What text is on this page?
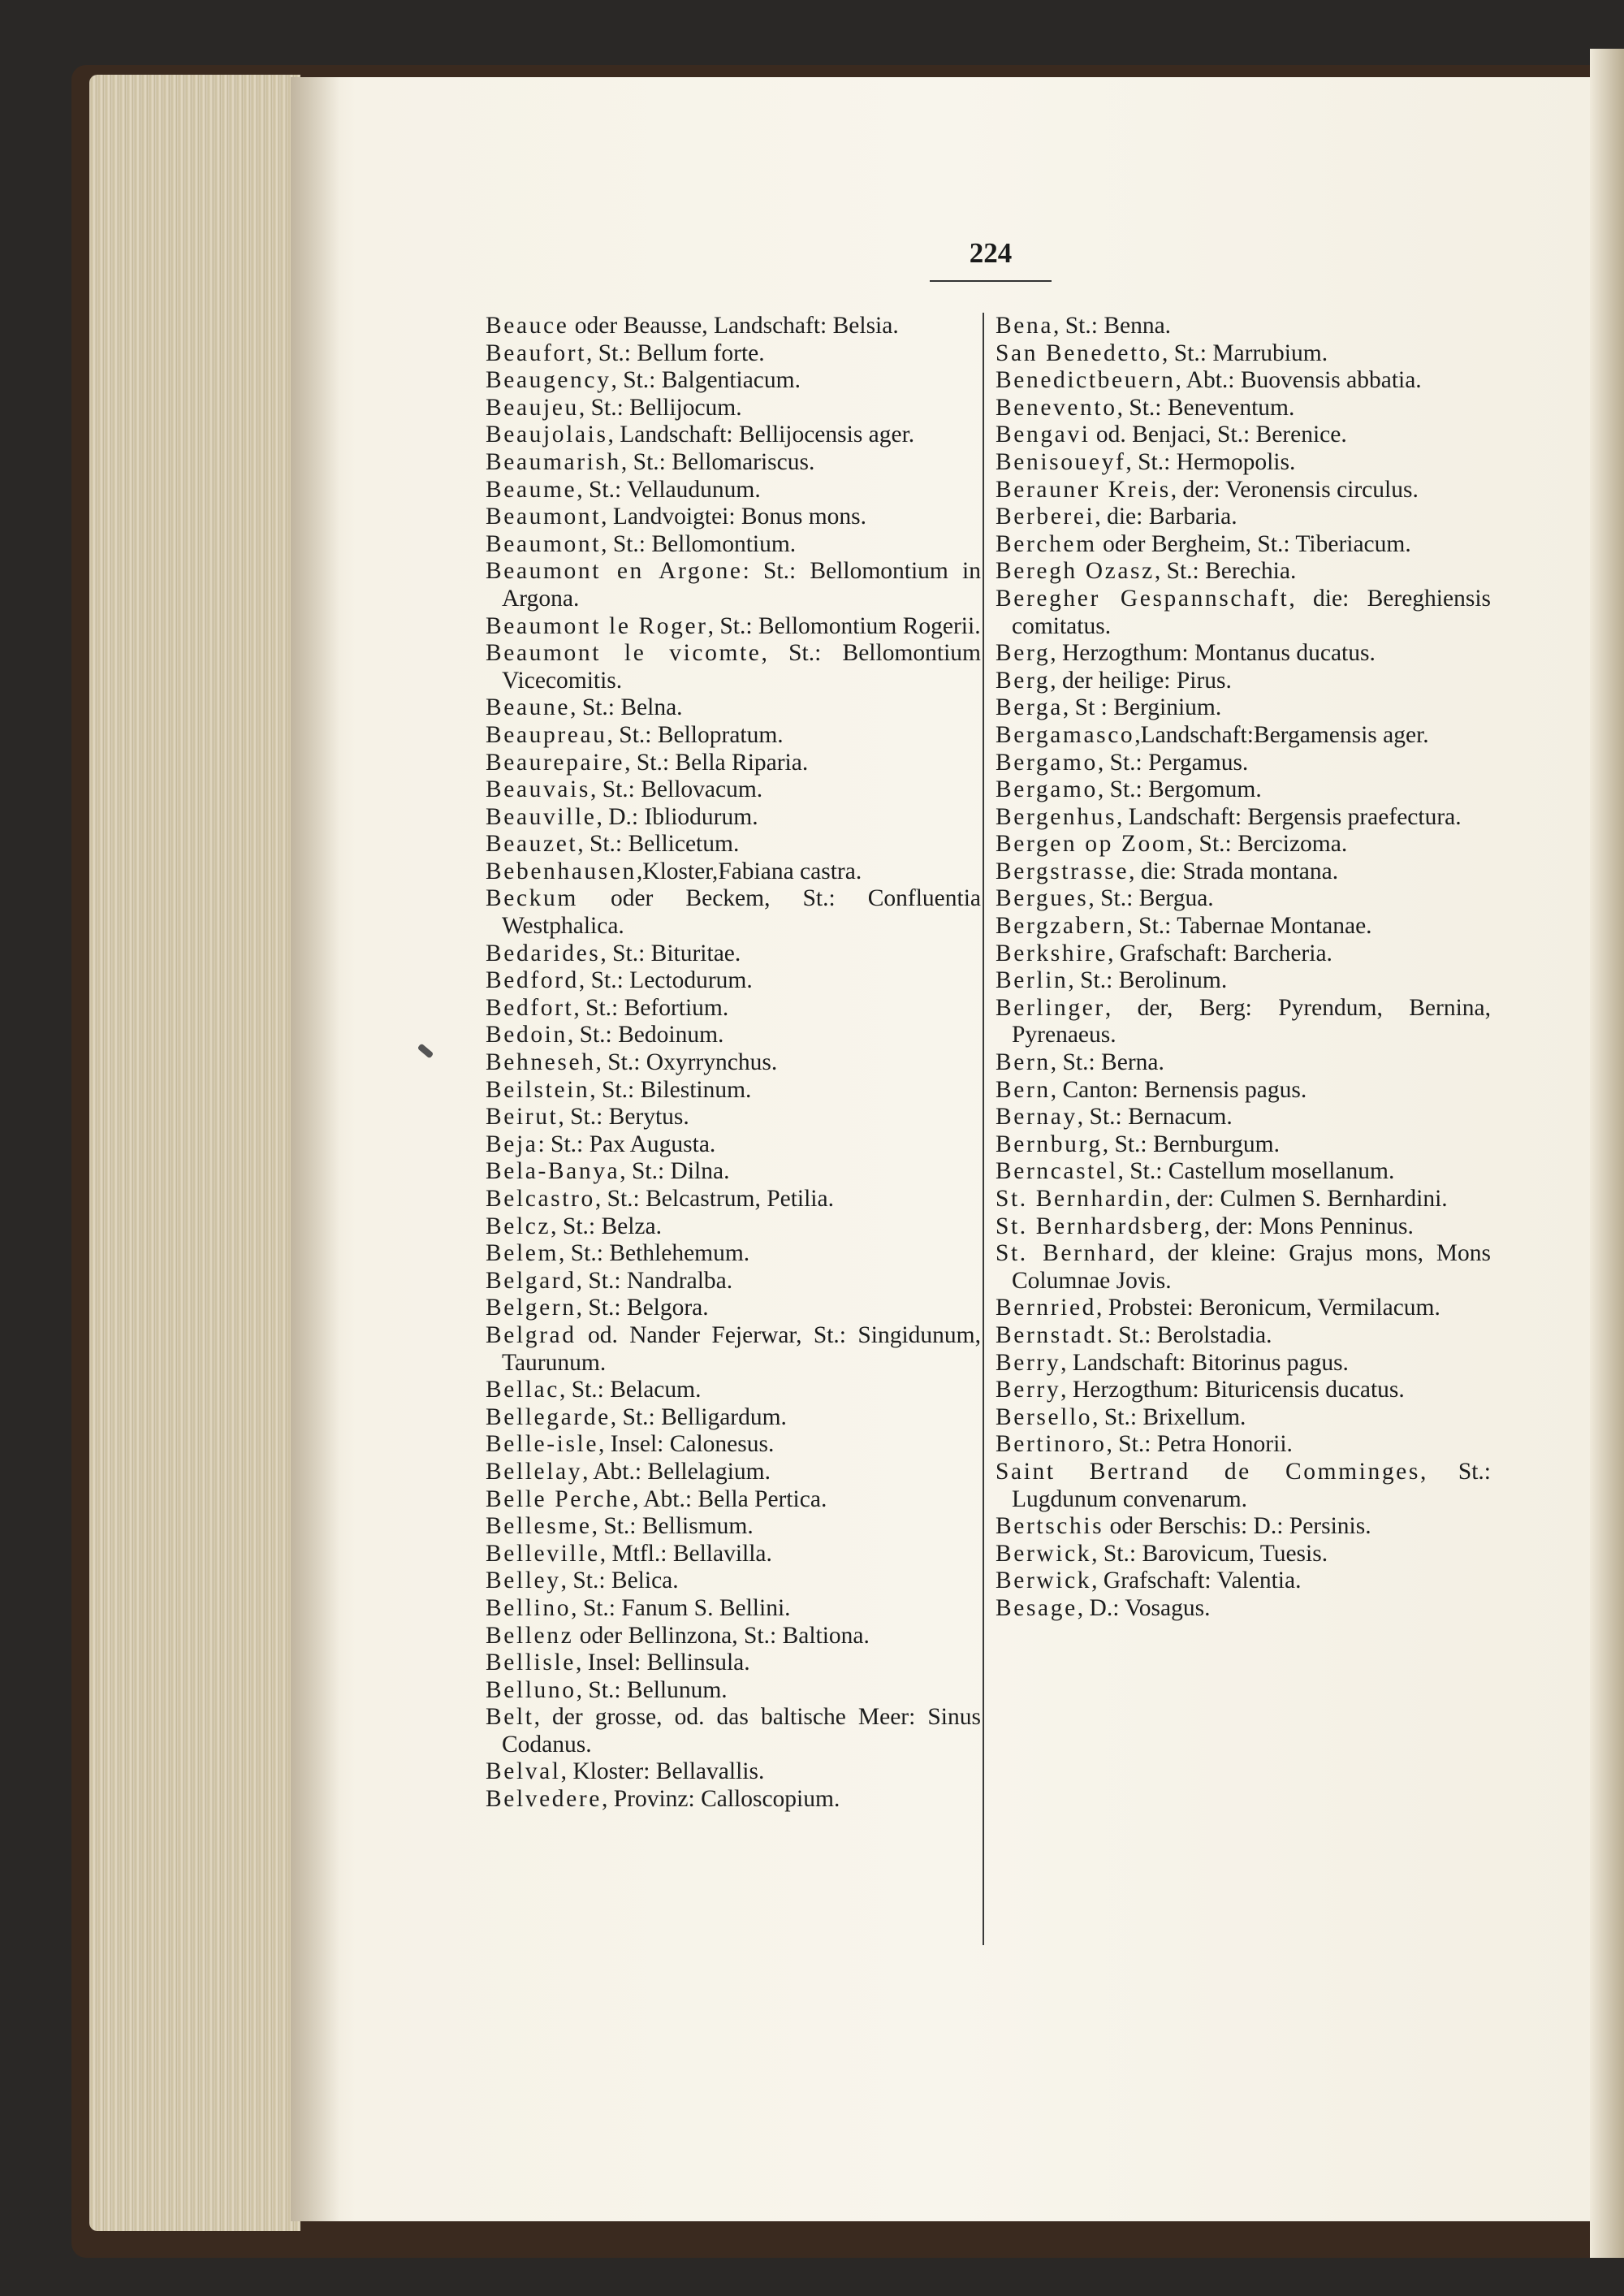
224

Beauce oder Beausse, Landschaft: Belsia.

Beaufort, St.: Bellum forte.

Beaugency, St.: Balgentiacum.

Beaujeu, St.: Bellijocum.

Beaujolais, Landschaft: Bellijocensis ager.

Beaumarish, St.: Bellomariscus.

Beaume, St.: Vellaudunum.

Beaumont, Landvoigtei: Bonus mons.

Beaumont, St.: Bellomontium.

Beaumont en Argone: St.: Bellomontium in Argona.

Beaumont le Roger, St.: Bellomontium Rogerii.

Beaumont le vicomte, St.: Bellomontium Vicecomitis.

Beaune, St.: Belna.

Beaupreau, St.: Bellopratum.

Beaurepaire, St.: Bella Riparia.

Beauvais, St.: Bellovacum.

Beauville, D.: Ibliodurum.

Beauzet, St.: Bellicetum.

Bebenhausen,Kloster,Fabiana castra.

Beckum oder Beckem, St.: Confluentia Westphalica.

Bedarides, St.: Bituritae.

Bedford, St.: Lectodurum.

Bedfort, St.: Befortium.

Bedoin, St.: Bedoinum.

Behneseh, St.: Oxyrrynchus.

Beilstein, St.: Bilestinum.

Beirut, St.: Berytus.

Beja: St.: Pax Augusta.

Bela-Banya, St.: Dilna.

Belcastro, St.: Belcastrum, Petilia.

Belcz, St.: Belza.

Belem, St.: Bethlehemum.

Belgard, St.: Nandralba.

Belgern, St.: Belgora.

Belgrad od. Nander Fejerwar, St.: Singidunum, Taurunum.

Bellac, St.: Belacum.

Bellegarde, St.: Belligardum.

Belle-isle, Insel: Calonesus.

Bellelay, Abt.: Bellelagium.

Belle Perche, Abt.: Bella Pertica.

Bellesme, St.: Bellismum.

Belleville, Mtfl.: Bellavilla.

Belley, St.: Belica.

Bellino, St.: Fanum S. Bellini.

Bellenz oder Bellinzona, St.: Baltiona.

Bellisle, Insel: Bellinsula.

Belluno, St.: Bellunum.

Belt, der grosse, od. das baltische Meer: Sinus Codanus.

Belval, Kloster: Bellavallis.

Belvedere, Provinz: Calloscopium.

Bena, St.: Benna.

San Benedetto, St.: Marrubium.

Benedictbeuern, Abt.: Buovensis abbatia.

Benevento, St.: Beneventum.

Bengavi od. Benjaci, St.: Berenice.

Benisoueyf, St.: Hermopolis.

Berauner Kreis, der: Veronensis circulus.

Berberei, die: Barbaria.

Berchem oder Bergheim, St.: Tiberiacum.

Beregh Ozasz, St.: Berechia.

Beregher Gespannschaft, die: Bereghiensis comitatus.

Berg, Herzogthum: Montanus ducatus.

Berg, der heilige: Pirus.

Berga, St : Berginium.

Bergamasco,Landschaft:Bergamensis ager.

Bergamo, St.: Pergamus.

Bergamo, St.: Bergomum.

Bergenhus, Landschaft: Bergensis praefectura.

Bergen op Zoom, St.: Bercizoma.

Bergstrasse, die: Strada montana.

Bergues, St.: Bergua.

Bergzabern, St.: Tabernae Montanae.

Berkshire, Grafschaft: Barcheria.

Berlin, St.: Berolinum.

Berlinger, der, Berg: Pyrendum, Bernina, Pyrenaeus.

Bern, St.: Berna.

Bern, Canton: Bernensis pagus.

Bernay, St.: Bernacum.

Bernburg, St.: Bernburgum.

Berncastel, St.: Castellum mosellanum.

St. Bernhardin, der: Culmen S. Bernhardini.

St. Bernhardsberg, der: Mons Penninus.

St. Bernhard, der kleine: Grajus mons, Mons Columnae Jovis.

Bernried, Probstei: Beronicum, Vermilacum.

Bernstadt. St.: Berolstadia.

Berry, Landschaft: Bitorinus pagus.

Berry, Herzogthum: Bituricensis ducatus.

Bersello, St.: Brixellum.

Bertinoro, St.: Petra Honorii.

Saint Bertrand de Comminges, St.: Lugdunum convenarum.

Bertschis oder Berschis: D.: Persinis.

Berwick, St.: Barovicum, Tuesis.

Berwick, Grafschaft: Valentia.

Besage, D.: Vosagus.
